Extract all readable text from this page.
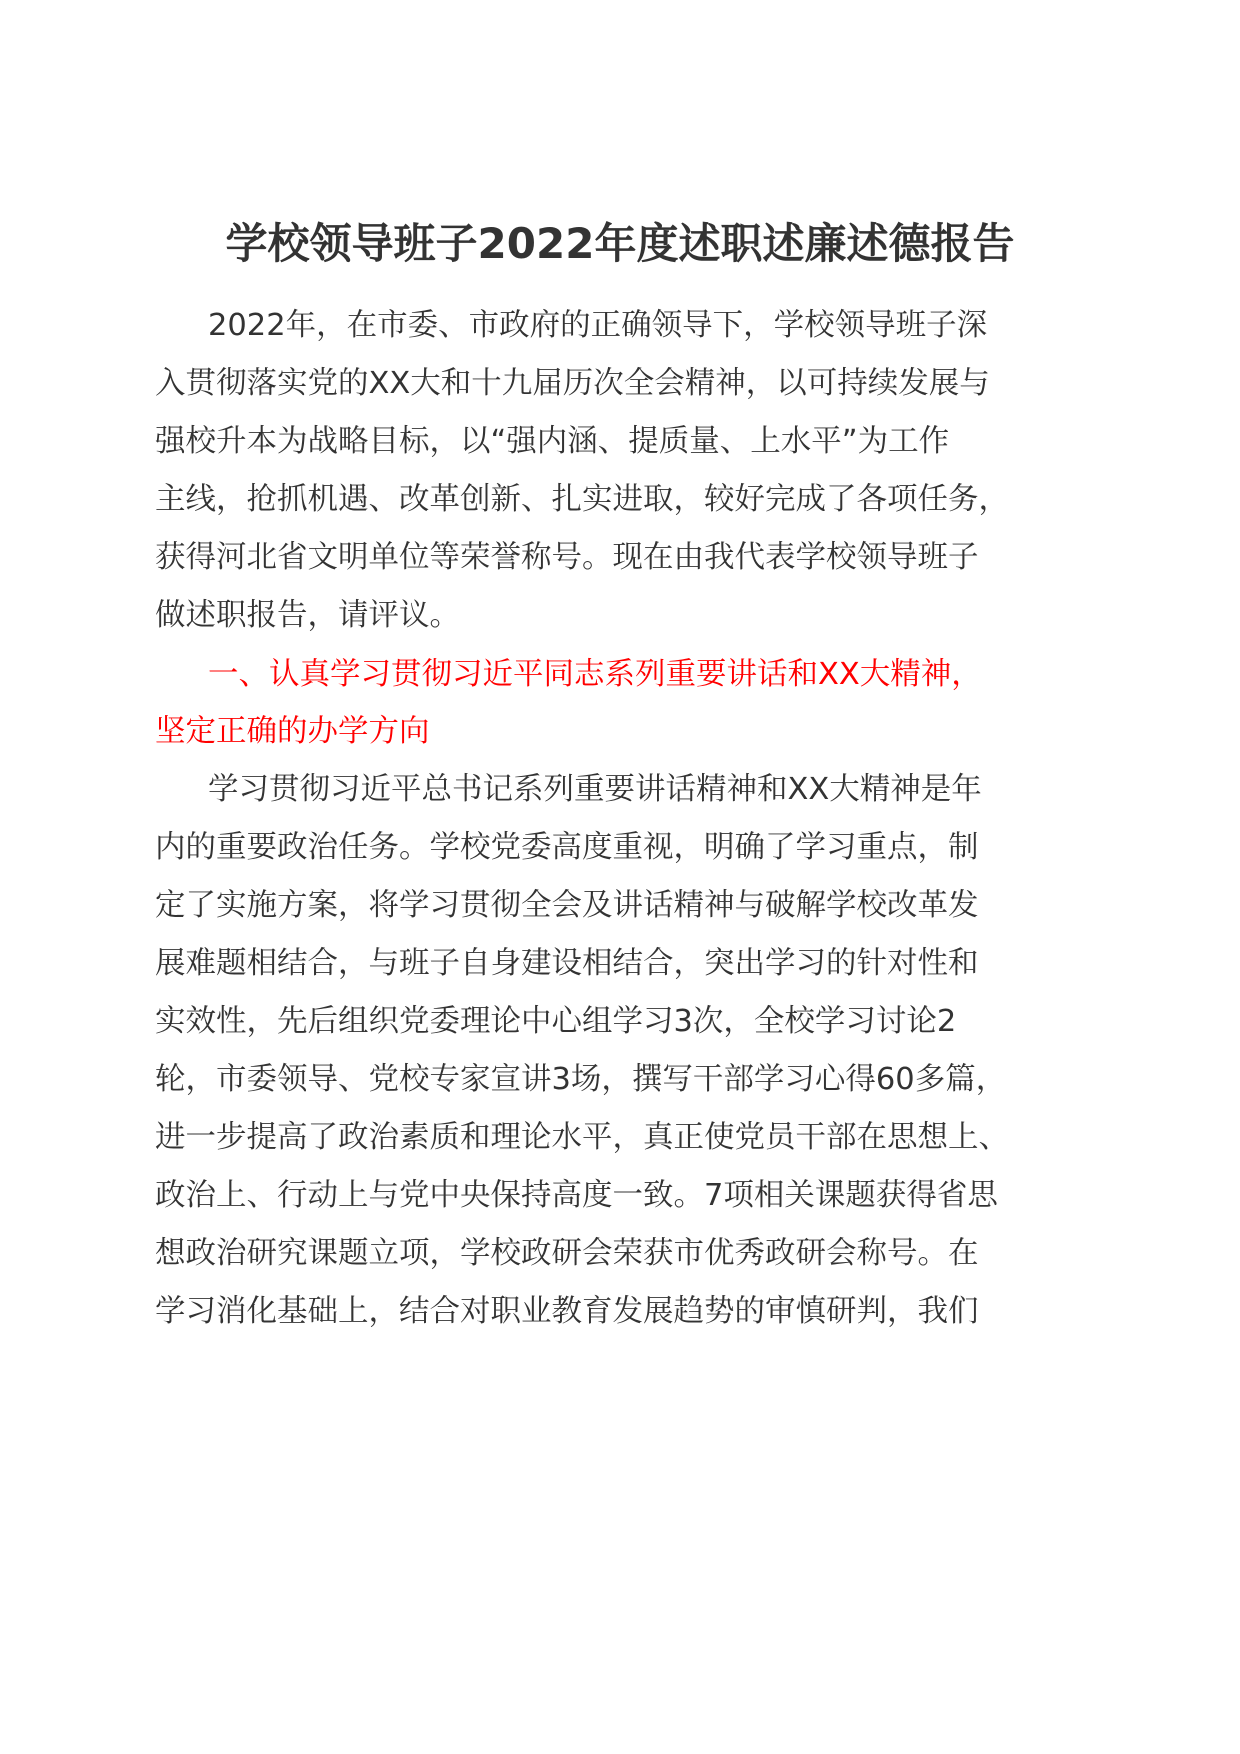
学校领导班子2022年度述职述廉述德报告
2022年，在市委、市政府的正确领导下，学校领导班子深
入贯彻落实党的XX大和十九届历次全会精神，以可持续发展与
强校升本为战略目标，以“强内涵、提质量、上水平”为工作
主线，抢抓机遇、改革创新、扎实进取，较好完成了各项任务，
获得河北省文明单位等荣誉称号。现在由我代表学校领导班子
做述职报告，请评议。
一、认真学习贯彻习近平同志系列重要讲话和XX大精神，
坚定正确的办学方向
学习贯彻习近平总书记系列重要讲话精神和XX大精神是年
内的重要政治任务。学校党委高度重视，明确了学习重点，制
定了实施方案，将学习贯彻全会及讲话精神与破解学校改革发
展难题相结合，与班子自身建设相结合，突出学习的针对性和
实效性，先后组织党委理论中心组学习3次，全校学习讨论2
轮，市委领导、党校专家宣讲3场，撰写干部学习心得60多篇，
进一步提高了政治素质和理论水平，真正使党员干部在思想上、
政治上、行动上与党中央保持高度一致。7项相关课题获得省思
想政治研究课题立项，学校政研会荣获市优秀政研会称号。在
学习消化基础上，结合对职业教育发展趋势的审慎研判，我们
